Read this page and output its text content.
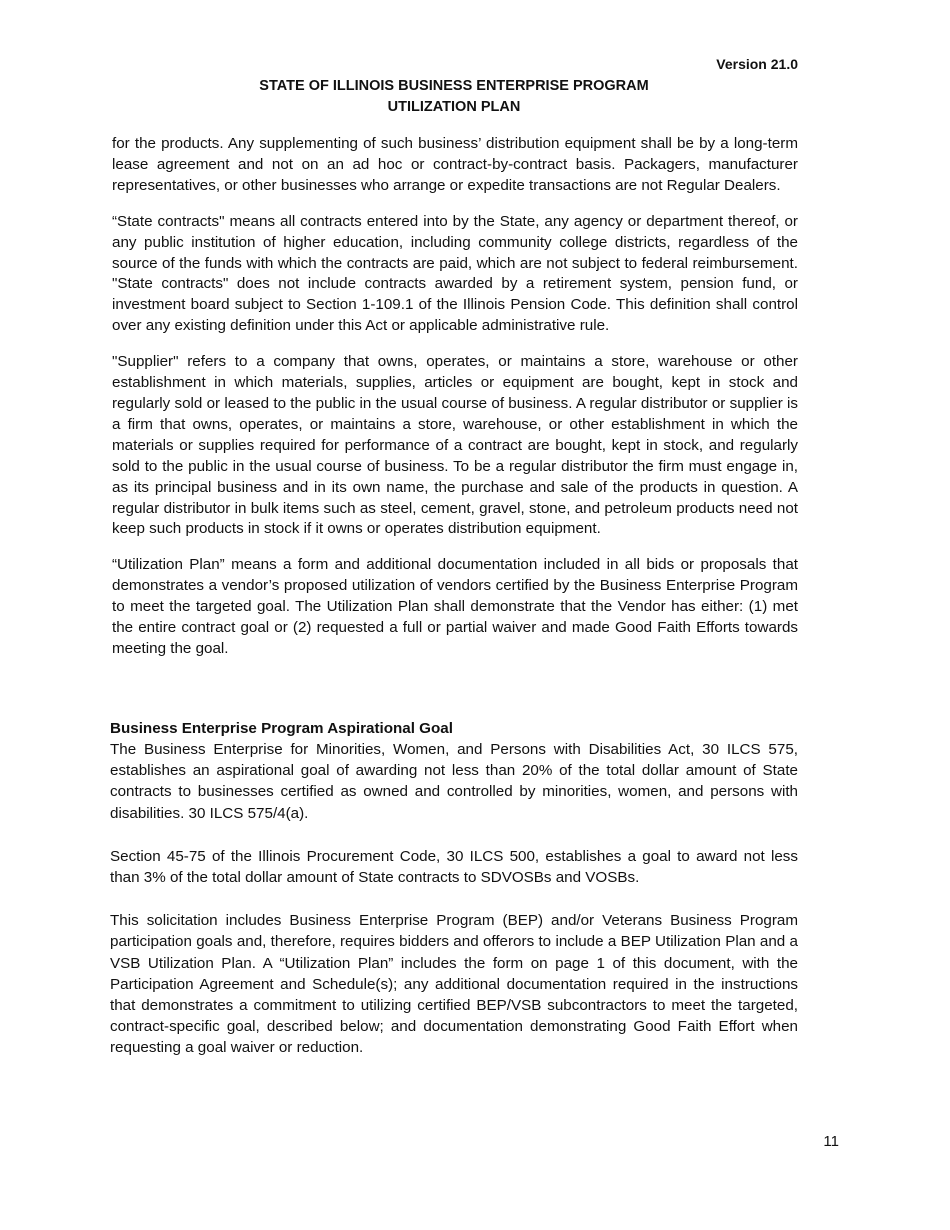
Version 21.0
STATE OF ILLINOIS BUSINESS ENTERPRISE PROGRAM
UTILIZATION PLAN

for the products. Any supplementing of such business’ distribution equipment shall be by a long-term lease agreement and not on an ad hoc or contract-by-contract basis. Packagers, manufacturer representatives, or other businesses who arrange or expedite transactions are not Regular Dealers.

“State contracts" means all contracts entered into by the State, any agency or department thereof, or any public institution of higher education, including community college districts, regardless of the source of the funds with which the contracts are paid, which are not subject to federal reimbursement. "State contracts" does not include contracts awarded by a retirement system, pension fund, or investment board subject to Section 1-109.1 of the Illinois Pension Code. This definition shall control over any existing definition under this Act or applicable administrative rule.

"Supplier" refers to a company that owns, operates, or maintains a store, warehouse or other establishment in which materials, supplies, articles or equipment are bought, kept in stock and regularly sold or leased to the public in the usual course of business. A regular distributor or supplier is a firm that owns, operates, or maintains a store, warehouse, or other establishment in which the materials or supplies required for performance of a contract are bought, kept in stock, and regularly sold to the public in the usual course of business. To be a regular distributor the firm must engage in, as its principal business and in its own name, the purchase and sale of the products in question. A regular distributor in bulk items such as steel, cement, gravel, stone, and petroleum products need not keep such products in stock if it owns or operates distribution equipment.

“Utilization Plan” means a form and additional documentation included in all bids or proposals that demonstrates a vendor’s proposed utilization of vendors certified by the Business Enterprise Program to meet the targeted goal. The Utilization Plan shall demonstrate that the Vendor has either: (1) met the entire contract goal or (2) requested a full or partial waiver and made Good Faith Efforts towards meeting the goal.

Business Enterprise Program Aspirational Goal

The Business Enterprise for Minorities, Women, and Persons with Disabilities Act, 30 ILCS 575, establishes an aspirational goal of awarding not less than 20% of the total dollar amount of State contracts to businesses certified as owned and controlled by minorities, women, and persons with disabilities. 30 ILCS 575/4(a).

Section 45-75 of the Illinois Procurement Code, 30 ILCS 500, establishes a goal to award not less than 3% of the total dollar amount of State contracts to SDVOSBs and VOSBs.

This solicitation includes Business Enterprise Program (BEP) and/or Veterans Business Program participation goals and, therefore, requires bidders and offerors to include a BEP Utilization Plan and a VSB Utilization Plan. A “Utilization Plan” includes the form on page 1 of this document, with the Participation Agreement and Schedule(s); any additional documentation required in the instructions that demonstrates a commitment to utilizing certified BEP/VSB subcontractors to meet the targeted, contract-specific goal, described below; and documentation demonstrating Good Faith Effort when requesting a goal waiver or reduction.

11
